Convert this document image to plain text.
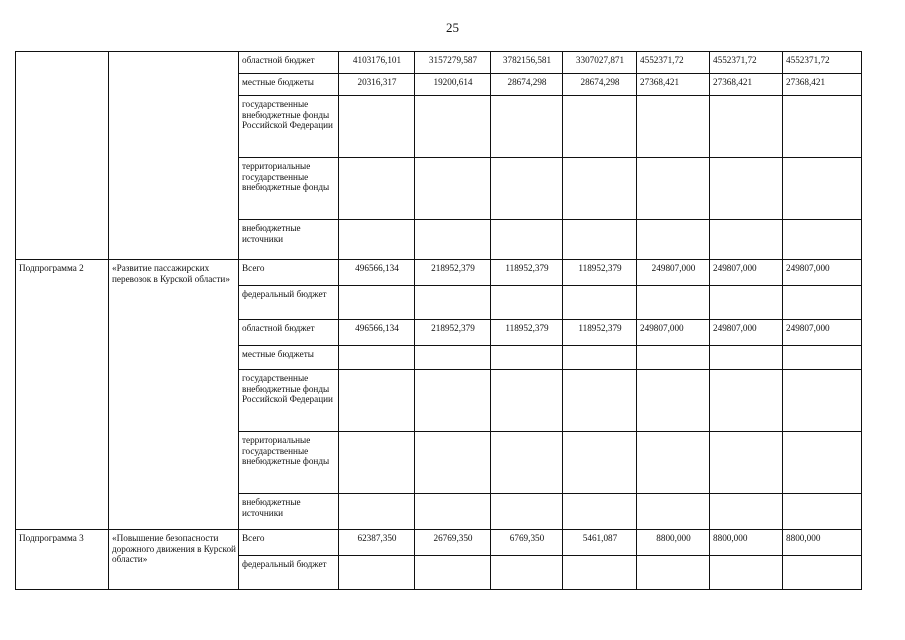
25
		областной бюджет	4103176,101	3157279,587	3782156,581	3307027,871	4552371,72	4552371,72	4552371,72
		местные бюджеты	20316,317	19200,614	28674,298	28674,298	27368,421	27368,421	27368,421
		государственные внебюджетные фонды Российской Федерации							
		территориальные государственные внебюджетные фонды							
		внебюджетные источники							
Подпрограмма 2	«Развитие пассажирских перевозок в Курской области»	Всего	496566,134	218952,379	118952,379	118952,379	249807,000	249807,000	249807,000
		федеральный бюджет							
		областной бюджет	496566,134	218952,379	118952,379	118952,379	249807,000	249807,000	249807,000
		местные бюджеты							
		государственные внебюджетные фонды Российской Федерации							
		территориальные государственные внебюджетные фонды							
		внебюджетные источники							
Подпрограмма 3	«Повышение безопасности дорожного движения в Курской области»	Всего	62387,350	26769,350	6769,350	5461,087	8800,000	8800,000	8800,000
		федеральный бюджет							
